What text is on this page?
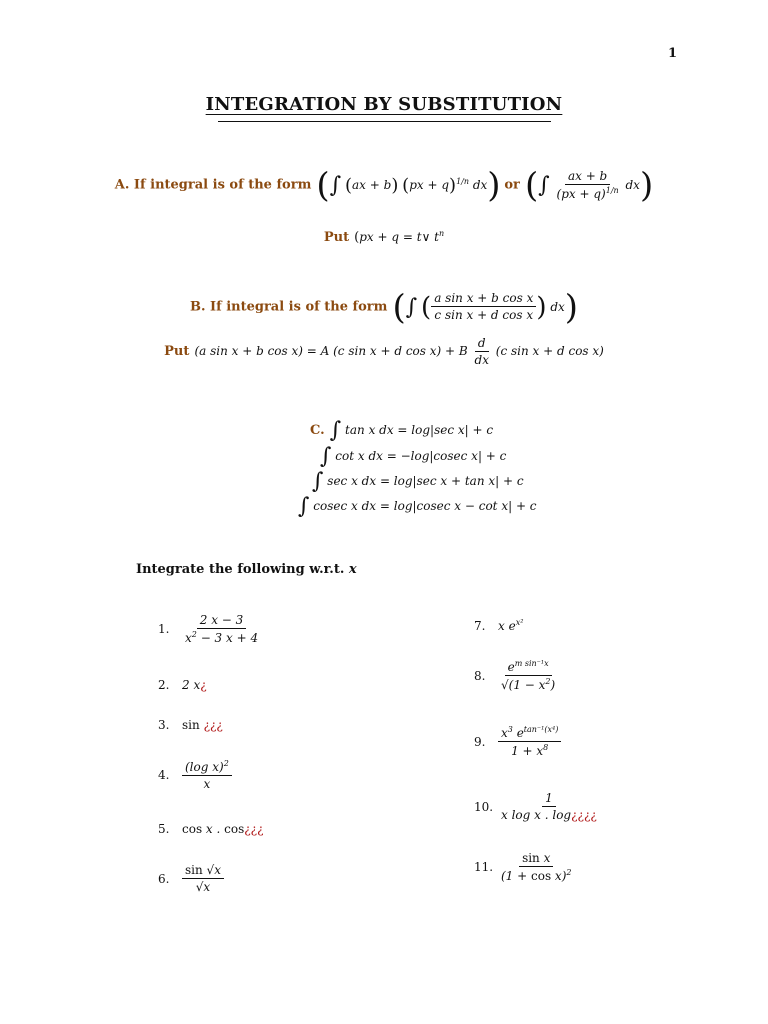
1
INTEGRATION BY SUBSTITUTION
A. If integral is of the form (∫ (ax + b) (px + q)$^{1/n}$ dx) or (∫ $\frac{ax + b}{(px + q)^{1/n}} dx$)
Put (px + q = t∨ $t^n$
B. If integral is of the form (∫ ( $\frac{\text{a sin x + b cos x}}{\text{c sin x + d cos x}}$ ) dx)
Put (a sin x + b cos x) = A (c sin x + d cos x) + B $\frac{d}{dx} (c$ sin x + d cos x)
C. ∫ tan x dx = log|sec x| + c
∫ cot x dx = −log|cosec x| + c
∫ sec x dx = log|sec x + tan x| + c
∫ cosec x dx = log|cosec x − cot x| + c
Integrate the following w.r.t. x
1.	$\frac{2 x - 3}{x^2 - 3 x + 4}$
2.	2 x¿
3.	sin ¿¿¿
4.	$\frac{(\log x)^2}{x}$
5.	cos x . cos¿¿¿
6.	$\frac{\sin √x}{√x}$
7.	x $e^{x^2}$
8.	$\frac{e^{m sin^{-1}x}}{√(1 - x^2)}$
9.	$\frac{x^3 e^{tan^{-1}(x^4)}}{1 + x^8}$
10. $\frac{1}{\text{x log x . log¿¿¿¿}}$
11. $\frac{\text{sin x}}{(1 + \cos x)^2}$
